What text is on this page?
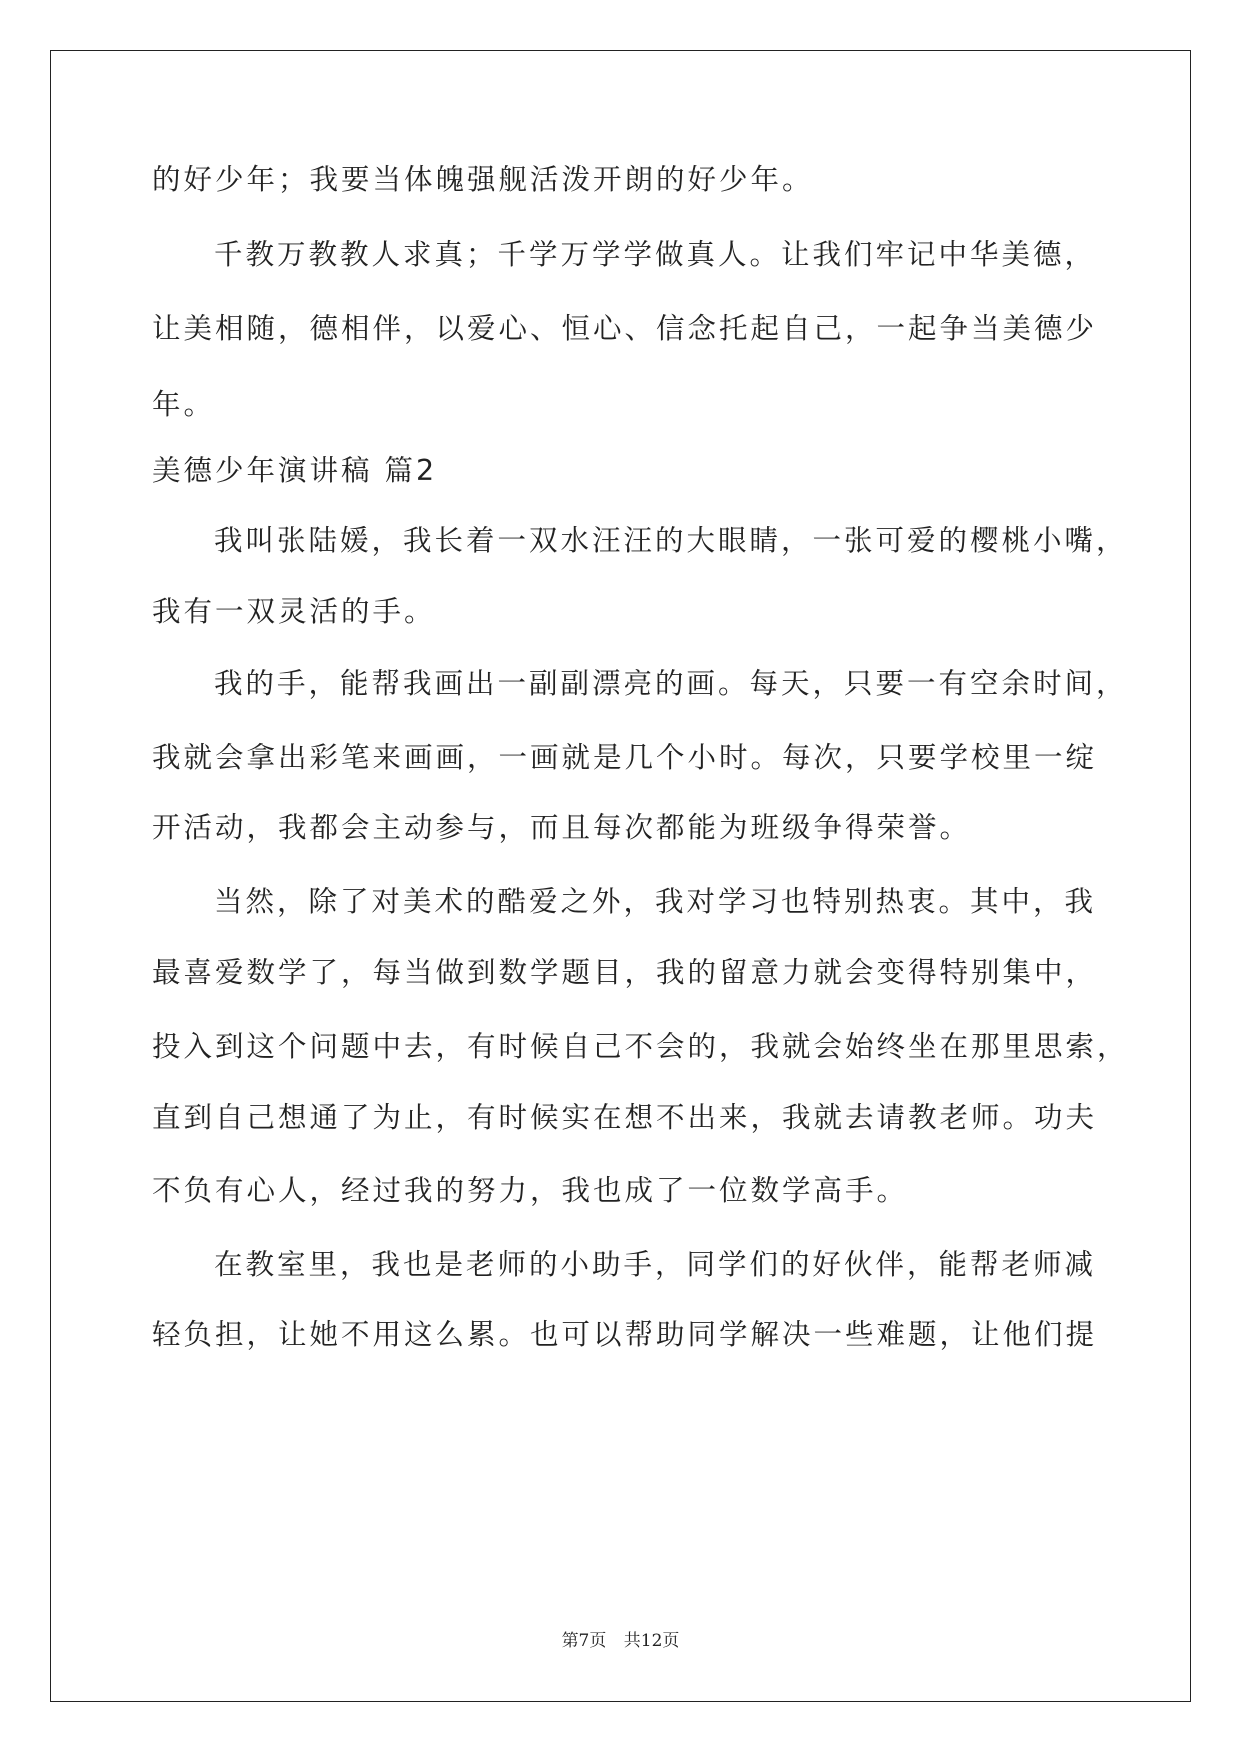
的好少年；我要当体魄强舰活泼开朗的好少年。
千教万教教人求真；千学万学学做真人。让我们牢记中华美德，
让美相随，德相伴，以爱心、恒心、信念托起自己，一起争当美德少
年。
美德少年演讲稿 篇2
我叫张陆媛，我长着一双水汪汪的大眼睛，一张可爱的樱桃小嘴，
我有一双灵活的手。
我的手，能帮我画出一副副漂亮的画。每天，只要一有空余时间，
我就会拿出彩笔来画画，一画就是几个小时。每次，只要学校里一绽
开活动，我都会主动参与，而且每次都能为班级争得荣誉。
当然，除了对美术的酷爱之外，我对学习也特别热衷。其中，我
最喜爱数学了，每当做到数学题目，我的留意力就会变得特别集中，
投入到这个问题中去，有时候自己不会的，我就会始终坐在那里思索，
直到自己想通了为止，有时候实在想不出来，我就去请教老师。功夫
不负有心人，经过我的努力，我也成了一位数学高手。
在教室里，我也是老师的小助手，同学们的好伙伴，能帮老师减
轻负担，让她不用这么累。也可以帮助同学解决一些难题，让他们提
第7页 共12页
